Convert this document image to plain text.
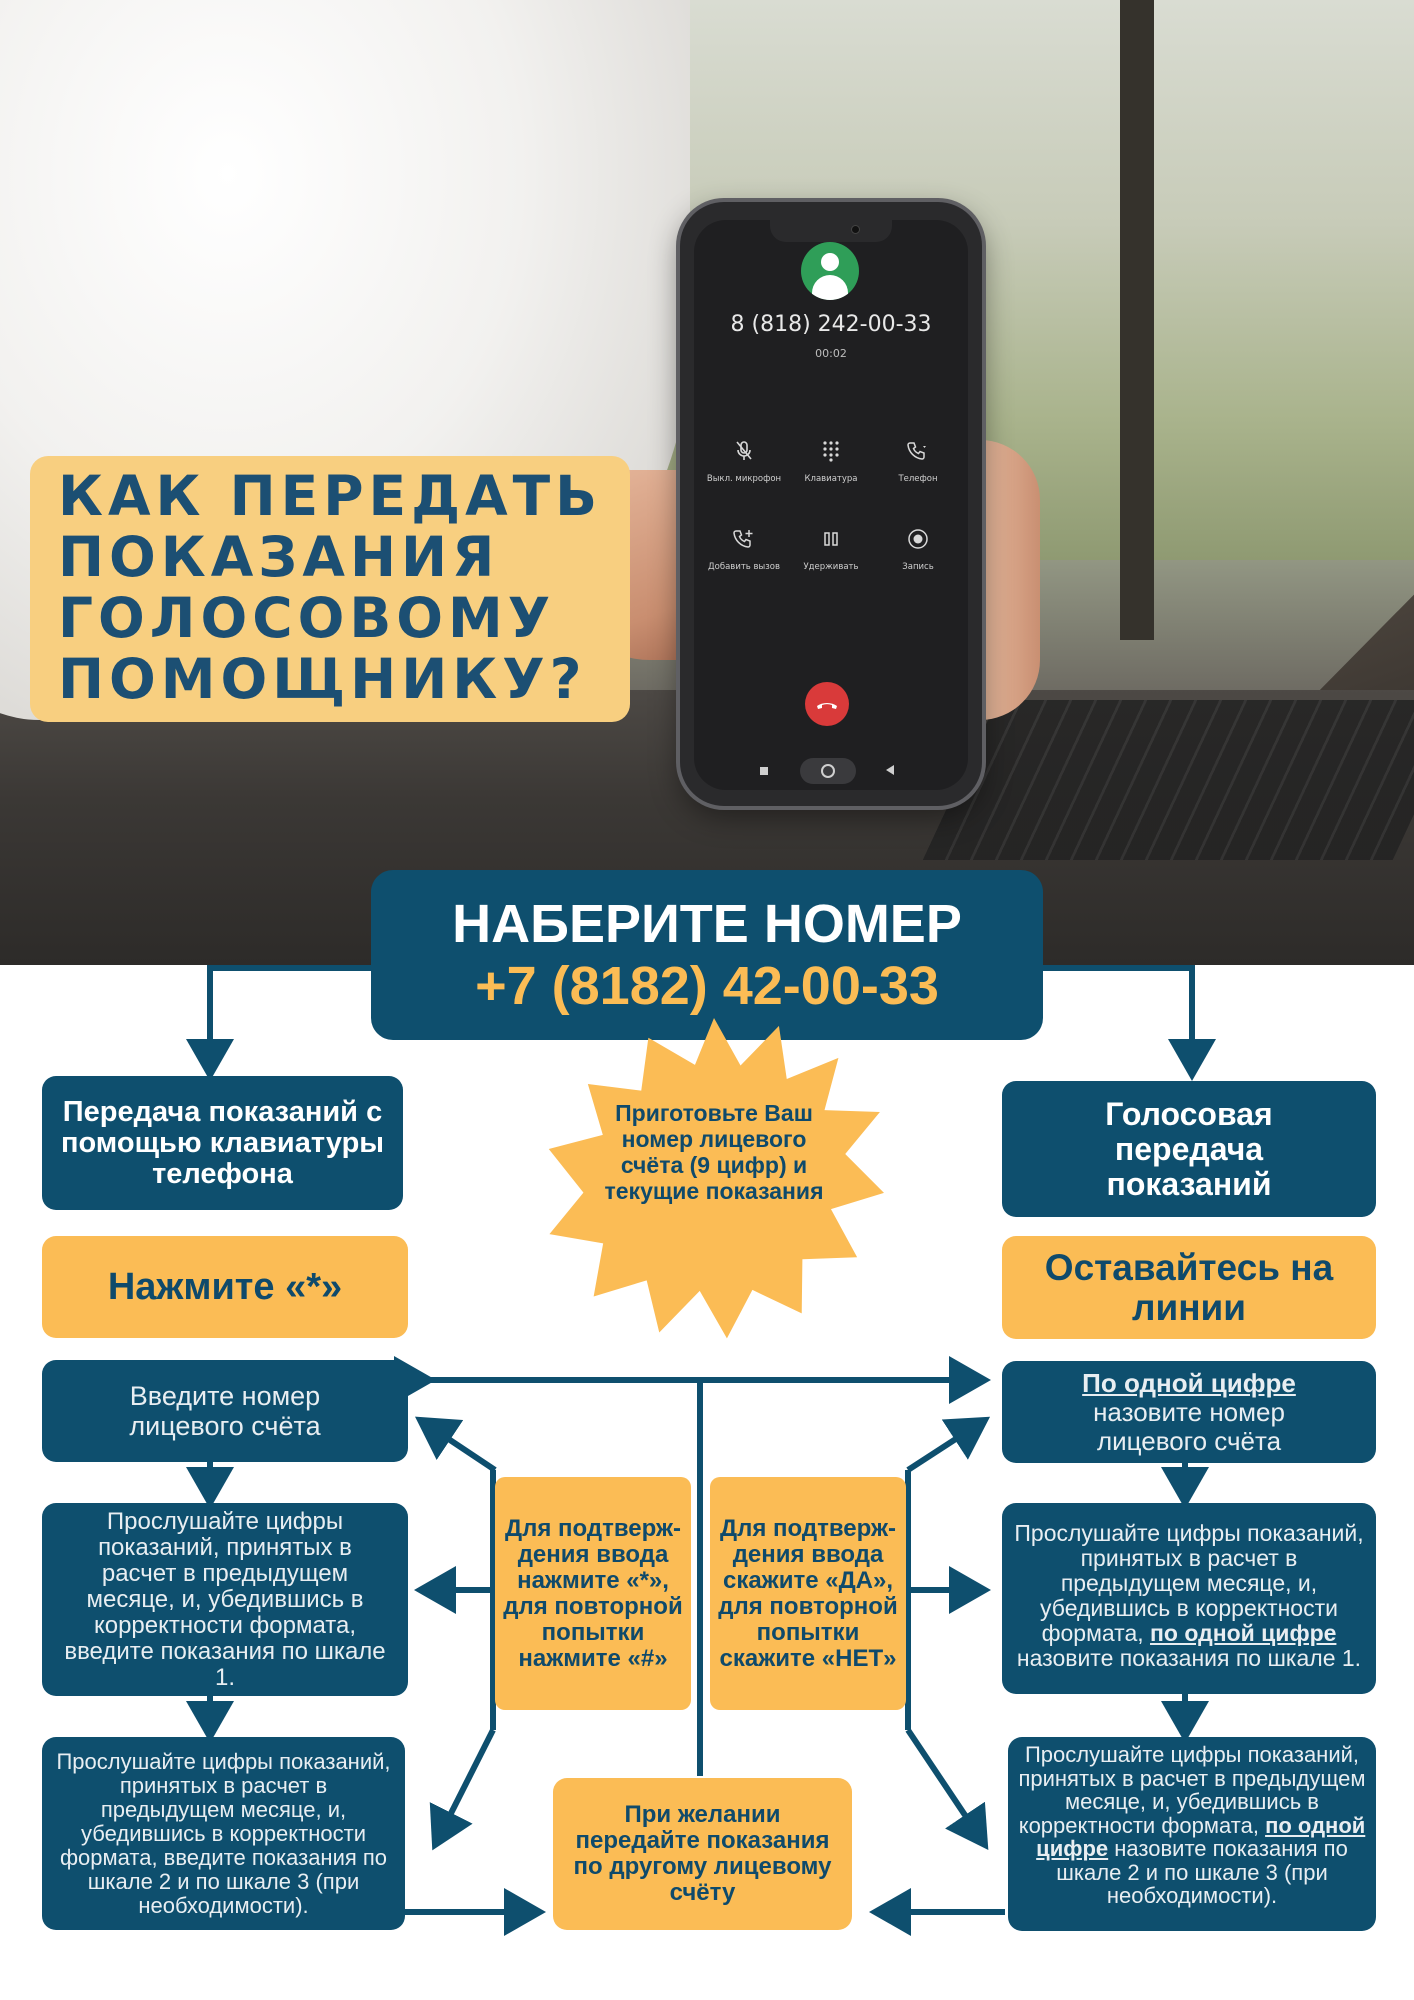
8 (818) 242-00-33
00:02
Выкл. микрофон	Клавиатура	Телефон
Добавить вызов	Удерживать	Запись
КАК ПЕРЕДАТЬ
ПОКАЗАНИЯ
ГОЛОСОВОМУ
ПОМОЩНИКУ?
НАБЕРИТЕ НОМЕР
+7 (8182) 42-00-33
Приготовьте Ваш номер лицевого счёта (9 цифр) и текущие показания
Передача показаний с помощью клавиатуры телефона
Нажмите «*»
Введите номер лицевого счёта
Прослушайте цифры показаний, принятых в расчет в предыдущем месяце, и, убедившись в корректности формата, введите показания по шкале 1.
Прослушайте цифры показаний, принятых в расчет в предыдущем месяце, и, убедившись в корректности формата, введите показания по шкале 2 и по шкале 3 (при необходимости).
Голосовая передача показаний
Оставайтесь на линии
По одной цифре
назовите номер лицевого счёта
Прослушайте цифры показаний, принятых в расчет в предыдущем месяце, и, убедившись в корректности формата, по одной цифре назовите показания по шкале 1.
Прослушайте цифры показаний, принятых в расчет в предыдущем месяце, и, убедившись в корректности формата, по одной цифре назовите показания по шкале 2 и по шкале 3 (при необходимости).
Для подтверж-дения ввода нажмите «*», для повторной попытки нажмите «#»
Для подтверж-дения ввода скажите «ДА», для повторной попытки скажите «НЕТ»
При желании передайте показания по другому лицевому счёту
